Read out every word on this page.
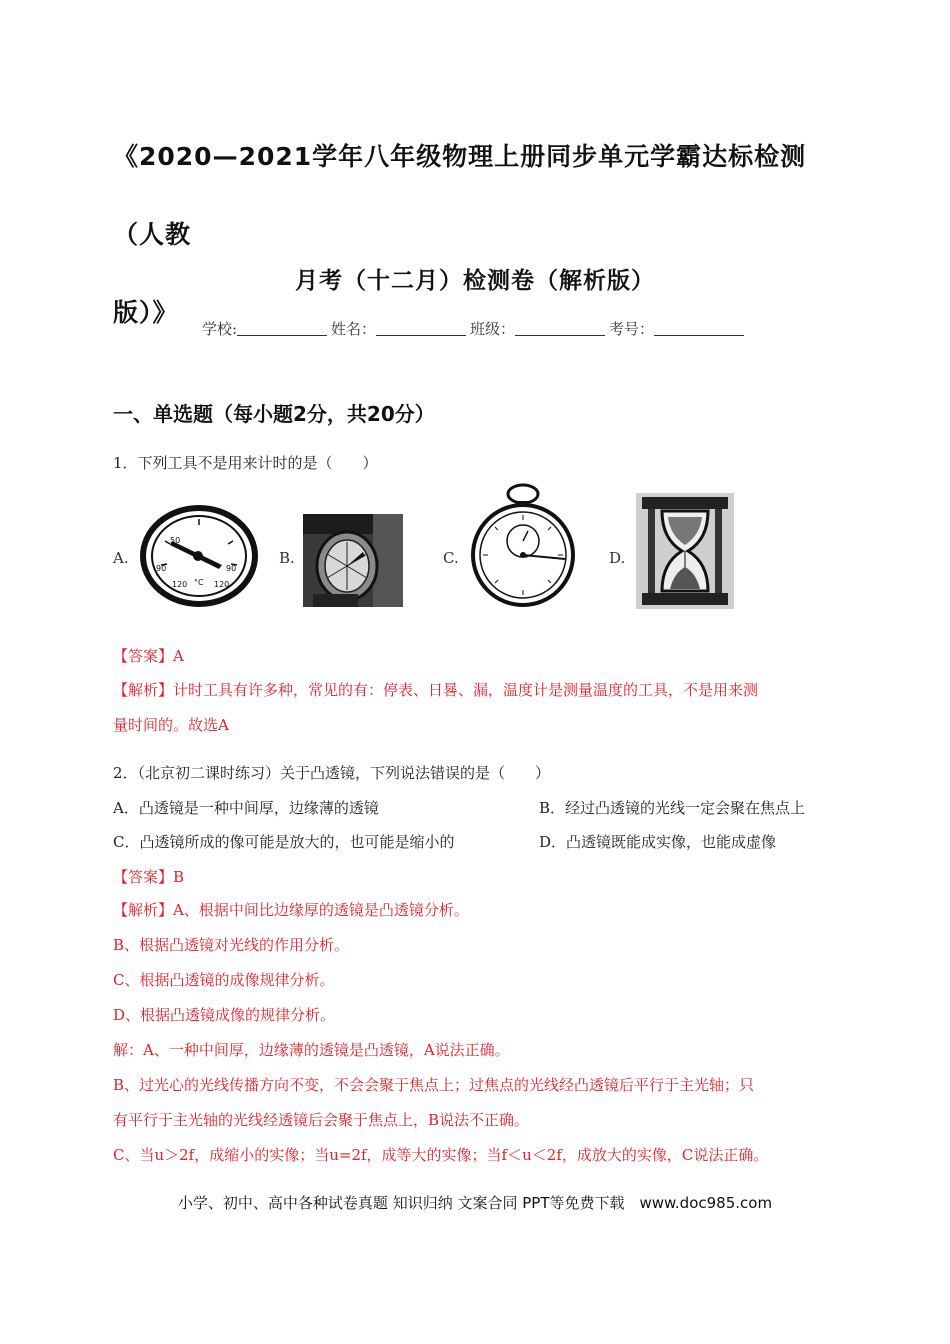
《2020—2021学年八年级物理上册同步单元学霸达标检测（人教
版）》
月考（十二月）检测卷（解析版）
学校:	姓名：	班级：	考号：
一、单选题（每小题2分，共20分）
1．下列工具不是用来计时的是（　　）
A.	B.	C.	D.
50
90
120 °C 120
90
【答案】A
【解析】计时工具有许多种，常见的有：停表、日晷、漏，温度计是测量温度的工具，不是用来测
量时间的。故选A
2．（北京初二课时练习）关于凸透镜，下列说法错误的是（　　）
A．凸透镜是一种中间厚，边缘薄的透镜	B．经过凸透镜的光线一定会聚在焦点上
C．凸透镜所成的像可能是放大的，也可能是缩小的	D．凸透镜既能成实像，也能成虚像
【答案】B
【解析】A、根据中间比边缘厚的透镜是凸透镜分析。
B、根据凸透镜对光线的作用分析。
C、根据凸透镜的成像规律分析。
D、根据凸透镜成像的规律分析。
解：A、一种中间厚，边缘薄的透镜是凸透镜，A说法正确。
B、过光心的光线传播方向不变，不会会聚于焦点上；过焦点的光线经凸透镜后平行于主光轴；只
有平行于主光轴的光线经透镜后会聚于焦点上，B说法不正确。
C、当u＞2f，成缩小的实像；当u=2f，成等大的实像；当f＜u＜2f，成放大的实像，C说法正确。
小学、初中、高中各种试卷真题 知识归纳 文案合同 PPT等免费下载　www.doc985.com
